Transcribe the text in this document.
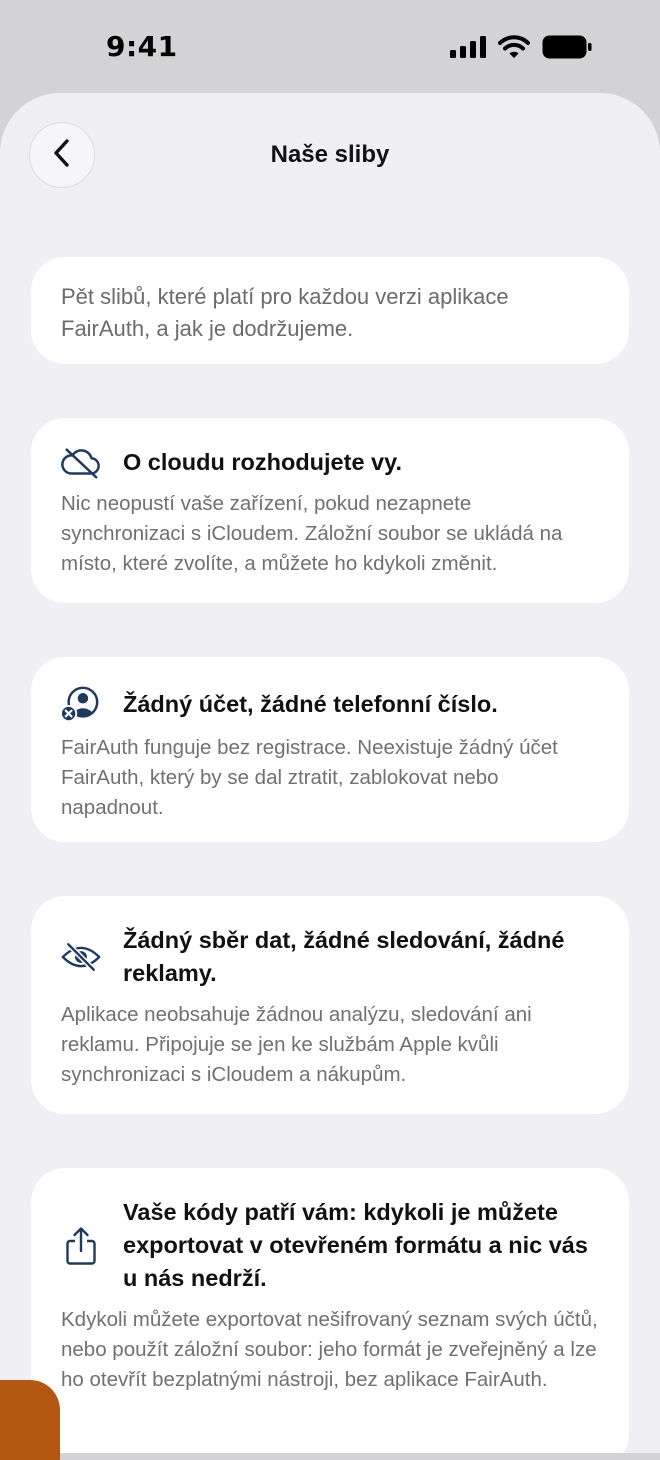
9:41
Naše sliby
Pět slibů, které platí pro každou verzi aplikace FairAuth, a jak je dodržujeme.
O cloudu rozhodujete vy.
Nic neopustí vaše zařízení, pokud nezapnete synchronizaci s iCloudem. Záložní soubor se ukládá na místo, které zvolíte, a můžete ho kdykoli změnit.
Žádný účet, žádné telefonní číslo.
FairAuth funguje bez registrace. Neexistuje žádný účet FairAuth, který by se dal ztratit, zablokovat nebo napadnout.
Žádný sběr dat, žádné sledování, žádné reklamy.
Aplikace neobsahuje žádnou analýzu, sledování ani reklamu. Připojuje se jen ke službám Apple kvůli synchronizaci s iCloudem a nákupům.
Vaše kódy patří vám: kdykoli je můžete exportovat v otevřeném formátu a nic vás u nás nedrží.
Kdykoli můžete exportovat nešifrovaný seznam svých účtů, nebo použít záložní soubor: jeho formát je zveřejněný a lze ho otevřít bezplatnými nástroji, bez aplikace FairAuth.
